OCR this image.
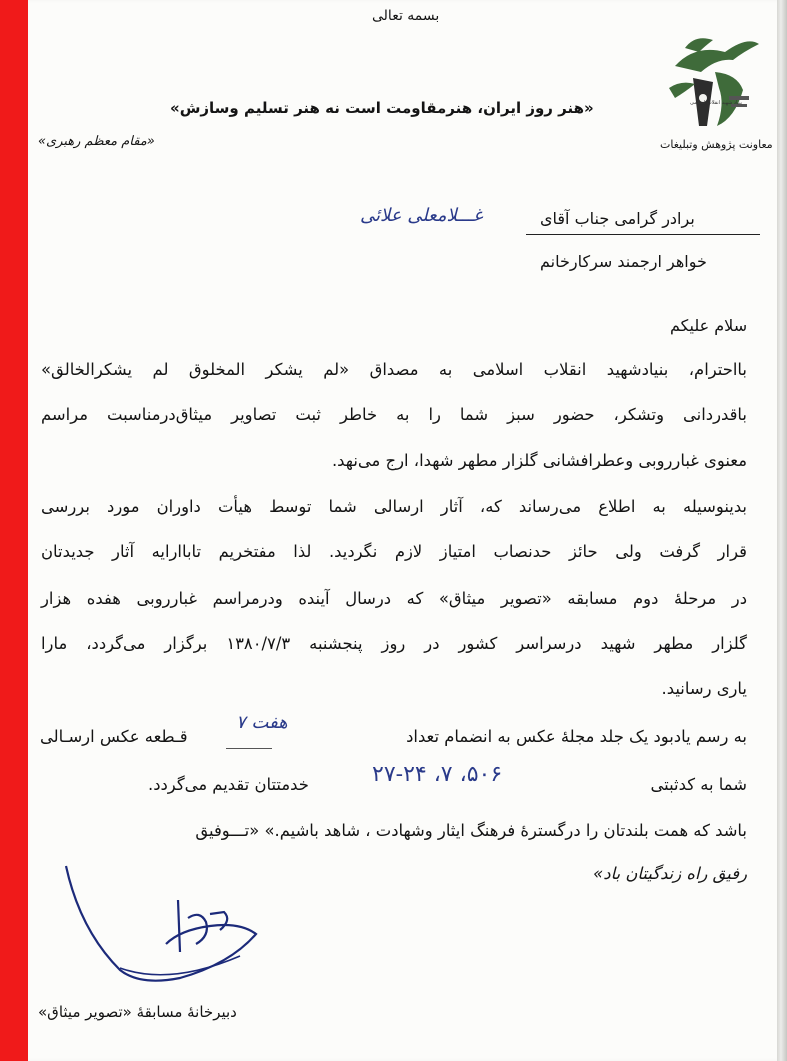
بسمه تعالی
«هنر روز ایران، هنرمقاومت است نه هنر تسلیم وسازش»
«مقام معظم رهبری»
بنیاد شهید انقلاب اسلامی
معاونت پژوهش وتبلیغات
برادر گرامی جناب آقای
غـــلامعلی علائی
خواهر ارجمند سرکارخانم
سلام علیکم
بااحترام، بنیادشهید انقلاب اسلامی به مصداق «لم یشکر المخلوق لم یشکرالخالق»
باقدردانی وتشکر، حضور سبز شما را به خاطر ثبت تصاویر میثاق‌درمناسبت مراسم
معنوی غبارروبی وعطرافشانی گلزار مطهر شهدا، ارج می‌نهد.
بدینوسیله به اطلاع می‌رساند که، آثار ارسالی شما توسط هیأت داوران مورد بررسی
قرار گرفت ولی حائز حدنصاب امتیاز لازم نگردید. لذا مفتخریم تاباارایه آثار جدیدتان
در مرحلهٔ دوم مسابقه «تصویر میثاق» که درسال آینده ودرمراسم غبارروبی هفده هزار
گلزار مطهر شهید درسراسر کشور در روز پنجشنبه ۱۳۸۰/۷/۳ برگزار می‌گردد، مارا
یاری رسانید.
به رسم یادبود یک جلد مجلهٔ عکس به انضمام تعداد
هفت ۷
قـطعه عکس ارسـالی
شما به کدثبتی
۵۰۶، ۷، ۲۷-۲۴
خدمتتان تقدیم می‌گردد.
باشد که همت بلندتان را درگسترهٔ فرهنگ ایثار وشهادت ، شاهد باشیم.» «تـــوفیق
رفیق راه زندگیتان باد»
دبیرخانهٔ مسابقهٔ «تصویر میثاق»
